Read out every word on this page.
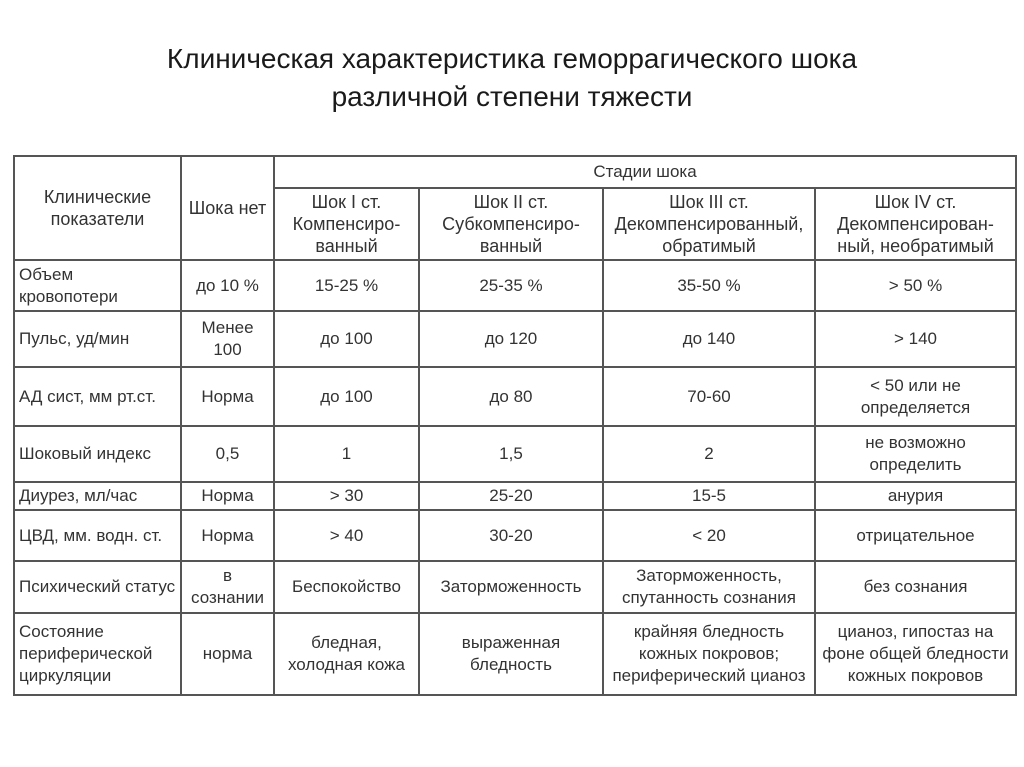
Клиническая характеристика геморрагического шока
различной степени тяжести
Клинические показатели	Шока нет	Стадии шока			
		Шок I ст. Компенсиро-ванный	Шок II ст. Субкомпенсиро-ванный	Шок III ст. Декомпенсированный, обратимый	Шок IV ст. Декомпенсирован-ный, необратимый
Объем кровопотери	до 10 %	15-25 %	25-35 %	35-50 %	> 50 %
Пульс, уд/мин	Менее 100	до 100	до 120	до 140	> 140
АД сист, мм рт.ст.	Норма	до 100	до 80	70-60	< 50 или не определяется
Шоковый индекс	0,5	1	1,5	2	не возможно определить
Диурез, мл/час	Норма	> 30	25-20	15-5	анурия
ЦВД, мм. водн. ст.	Норма	> 40	30-20	< 20	отрицательное
Психический статус	в сознании	Беспокойство	Заторможенность	Заторможенность, спутанность сознания	без сознания
Состояние периферической циркуляции	норма	бледная, холодная кожа	выраженная бледность	крайняя бледность кожных покровов; периферический цианоз	цианоз, гипостаз на фоне общей бледности кожных покровов
